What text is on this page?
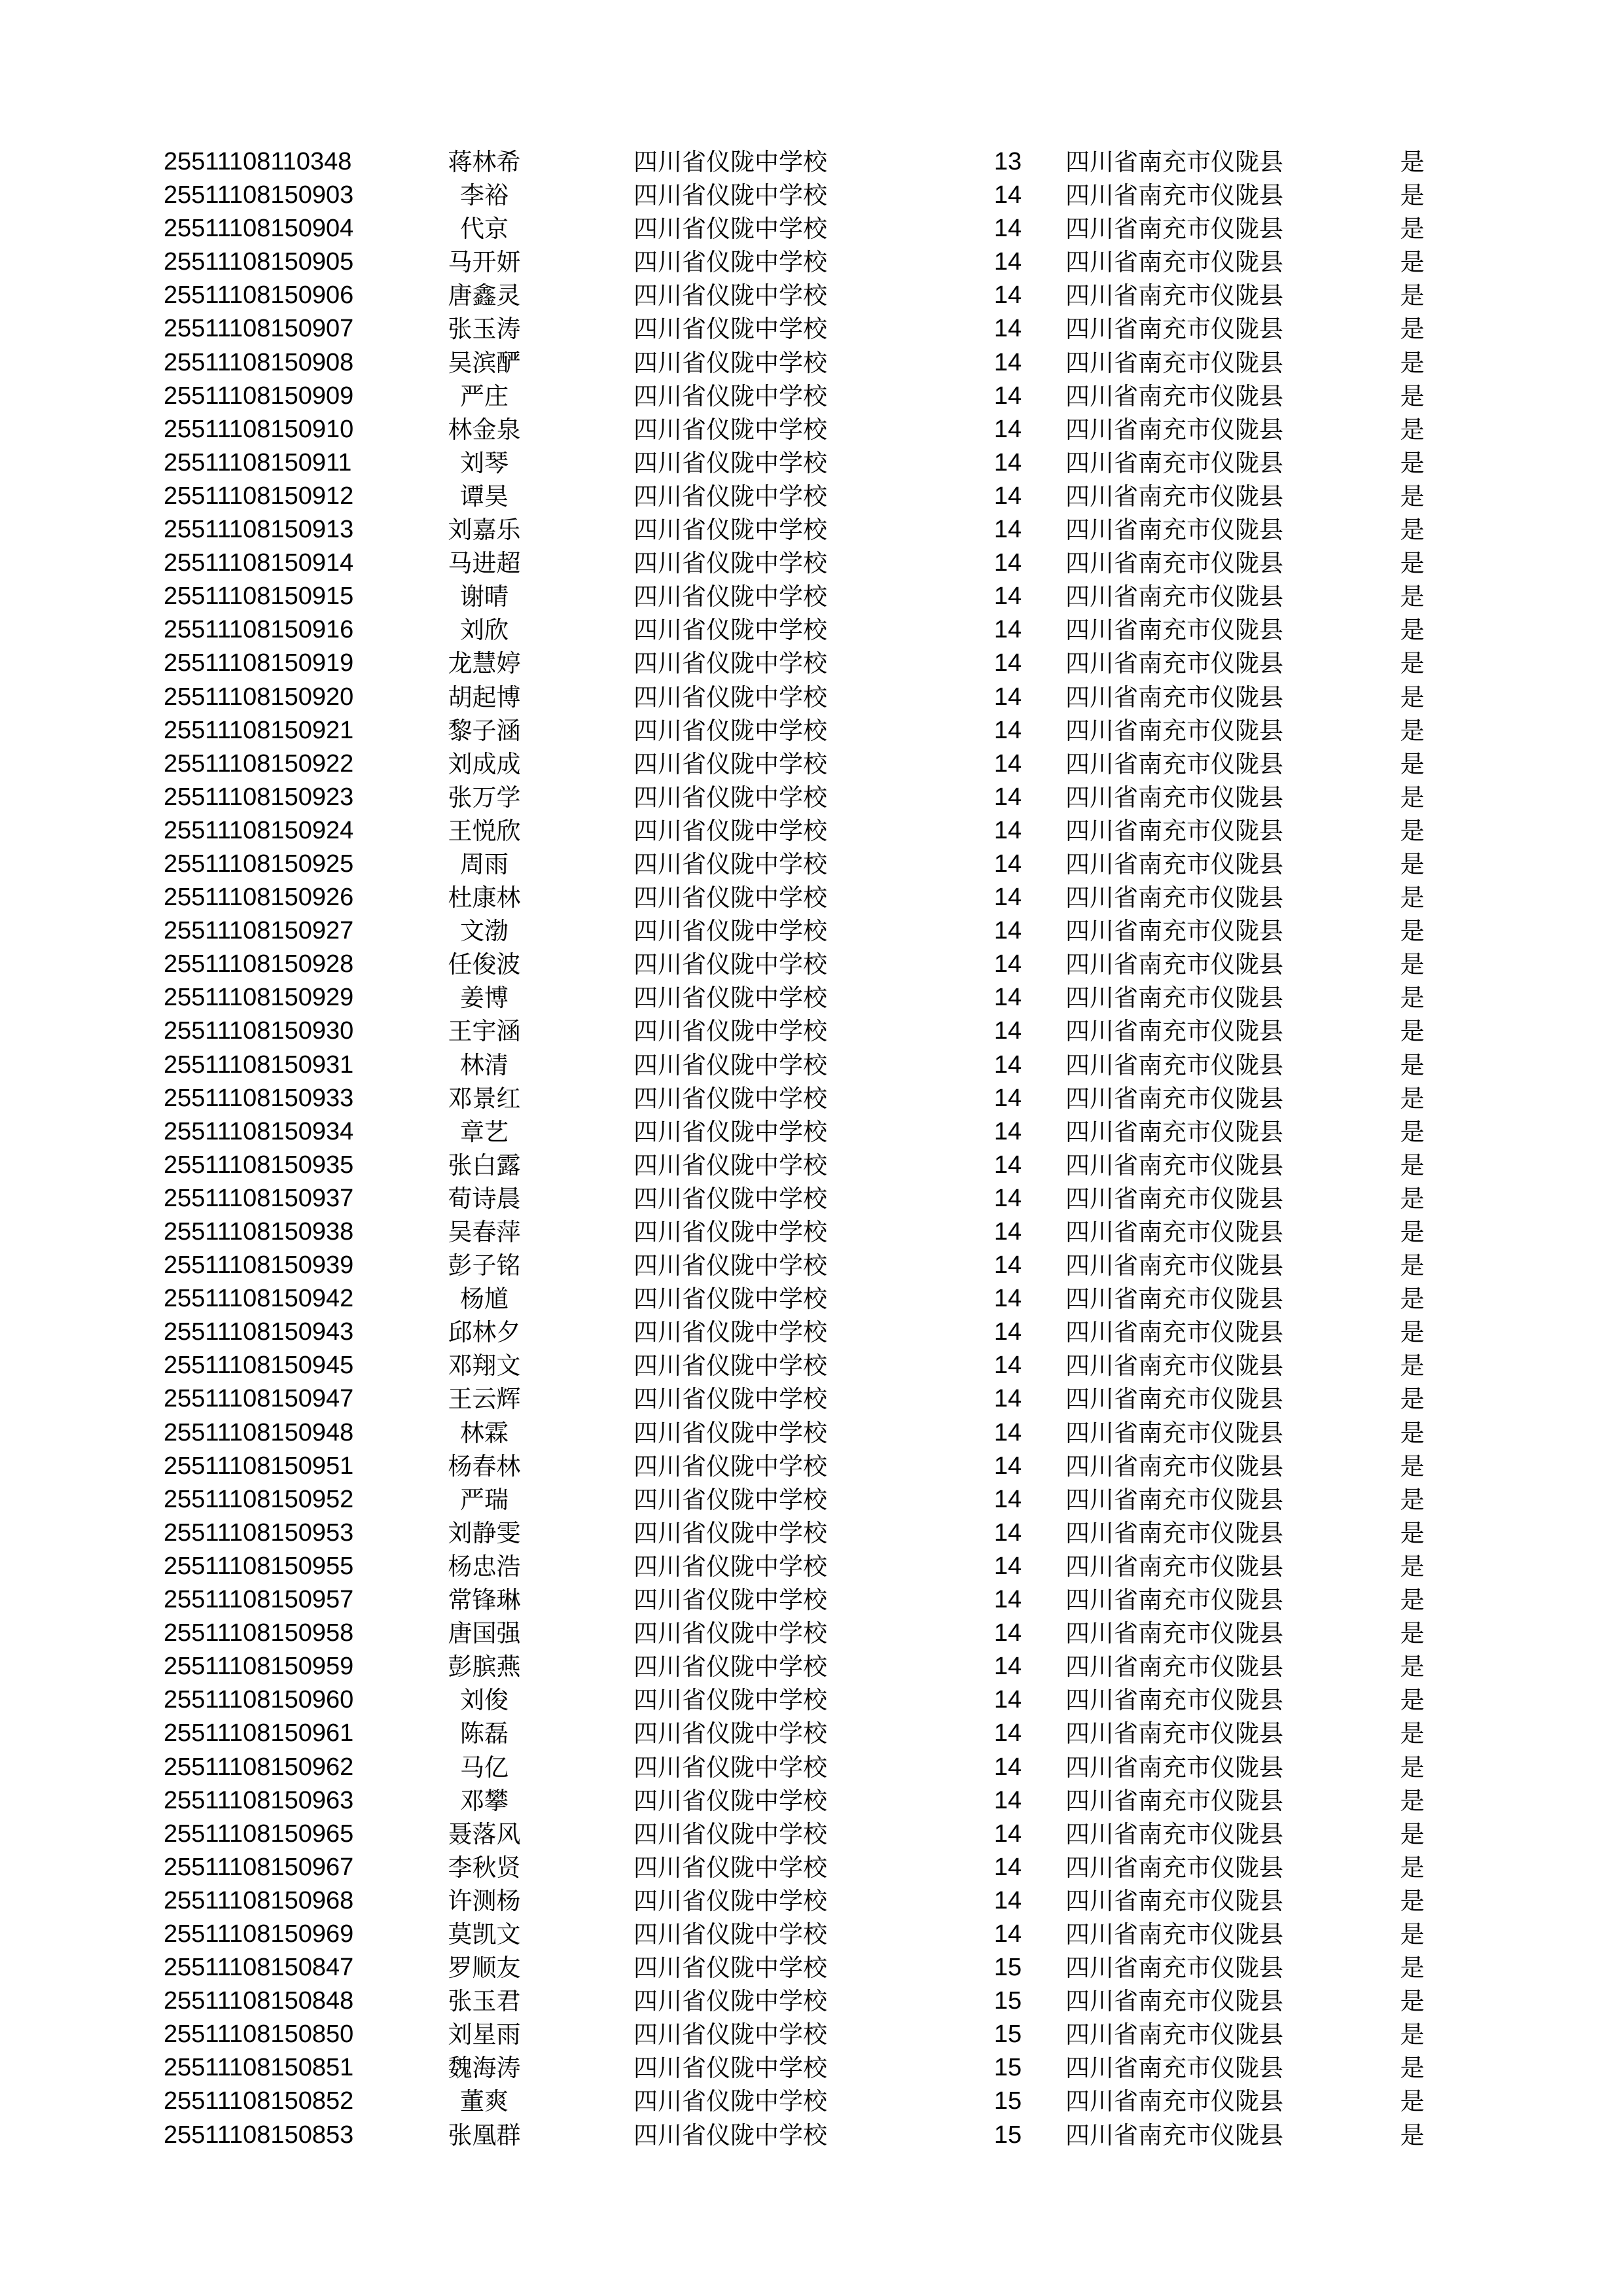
25511108110348	蒋林希	四川省仪陇中学校	13	四川省南充市仪陇县	是
25511108150903	李裕	四川省仪陇中学校	14	四川省南充市仪陇县	是
25511108150904	代京	四川省仪陇中学校	14	四川省南充市仪陇县	是
25511108150905	马开妍	四川省仪陇中学校	14	四川省南充市仪陇县	是
25511108150906	唐鑫灵	四川省仪陇中学校	14	四川省南充市仪陇县	是
25511108150907	张玉涛	四川省仪陇中学校	14	四川省南充市仪陇县	是
25511108150908	吴滨酽	四川省仪陇中学校	14	四川省南充市仪陇县	是
25511108150909	严庄	四川省仪陇中学校	14	四川省南充市仪陇县	是
25511108150910	林金泉	四川省仪陇中学校	14	四川省南充市仪陇县	是
25511108150911	刘琴	四川省仪陇中学校	14	四川省南充市仪陇县	是
25511108150912	谭昊	四川省仪陇中学校	14	四川省南充市仪陇县	是
25511108150913	刘嘉乐	四川省仪陇中学校	14	四川省南充市仪陇县	是
25511108150914	马进超	四川省仪陇中学校	14	四川省南充市仪陇县	是
25511108150915	谢晴	四川省仪陇中学校	14	四川省南充市仪陇县	是
25511108150916	刘欣	四川省仪陇中学校	14	四川省南充市仪陇县	是
25511108150919	龙慧婷	四川省仪陇中学校	14	四川省南充市仪陇县	是
25511108150920	胡起博	四川省仪陇中学校	14	四川省南充市仪陇县	是
25511108150921	黎子涵	四川省仪陇中学校	14	四川省南充市仪陇县	是
25511108150922	刘成成	四川省仪陇中学校	14	四川省南充市仪陇县	是
25511108150923	张万学	四川省仪陇中学校	14	四川省南充市仪陇县	是
25511108150924	王悦欣	四川省仪陇中学校	14	四川省南充市仪陇县	是
25511108150925	周雨	四川省仪陇中学校	14	四川省南充市仪陇县	是
25511108150926	杜康林	四川省仪陇中学校	14	四川省南充市仪陇县	是
25511108150927	文渤	四川省仪陇中学校	14	四川省南充市仪陇县	是
25511108150928	任俊波	四川省仪陇中学校	14	四川省南充市仪陇县	是
25511108150929	姜博	四川省仪陇中学校	14	四川省南充市仪陇县	是
25511108150930	王宇涵	四川省仪陇中学校	14	四川省南充市仪陇县	是
25511108150931	林清	四川省仪陇中学校	14	四川省南充市仪陇县	是
25511108150933	邓景红	四川省仪陇中学校	14	四川省南充市仪陇县	是
25511108150934	章艺	四川省仪陇中学校	14	四川省南充市仪陇县	是
25511108150935	张白露	四川省仪陇中学校	14	四川省南充市仪陇县	是
25511108150937	荀诗晨	四川省仪陇中学校	14	四川省南充市仪陇县	是
25511108150938	吴春萍	四川省仪陇中学校	14	四川省南充市仪陇县	是
25511108150939	彭子铭	四川省仪陇中学校	14	四川省南充市仪陇县	是
25511108150942	杨馗	四川省仪陇中学校	14	四川省南充市仪陇县	是
25511108150943	邱林夕	四川省仪陇中学校	14	四川省南充市仪陇县	是
25511108150945	邓翔文	四川省仪陇中学校	14	四川省南充市仪陇县	是
25511108150947	王云辉	四川省仪陇中学校	14	四川省南充市仪陇县	是
25511108150948	林霖	四川省仪陇中学校	14	四川省南充市仪陇县	是
25511108150951	杨春林	四川省仪陇中学校	14	四川省南充市仪陇县	是
25511108150952	严瑞	四川省仪陇中学校	14	四川省南充市仪陇县	是
25511108150953	刘静雯	四川省仪陇中学校	14	四川省南充市仪陇县	是
25511108150955	杨忠浩	四川省仪陇中学校	14	四川省南充市仪陇县	是
25511108150957	常锋琳	四川省仪陇中学校	14	四川省南充市仪陇县	是
25511108150958	唐国强	四川省仪陇中学校	14	四川省南充市仪陇县	是
25511108150959	彭膑燕	四川省仪陇中学校	14	四川省南充市仪陇县	是
25511108150960	刘俊	四川省仪陇中学校	14	四川省南充市仪陇县	是
25511108150961	陈磊	四川省仪陇中学校	14	四川省南充市仪陇县	是
25511108150962	马亿	四川省仪陇中学校	14	四川省南充市仪陇县	是
25511108150963	邓攀	四川省仪陇中学校	14	四川省南充市仪陇县	是
25511108150965	聂落风	四川省仪陇中学校	14	四川省南充市仪陇县	是
25511108150967	李秋贤	四川省仪陇中学校	14	四川省南充市仪陇县	是
25511108150968	许测杨	四川省仪陇中学校	14	四川省南充市仪陇县	是
25511108150969	莫凯文	四川省仪陇中学校	14	四川省南充市仪陇县	是
25511108150847	罗顺友	四川省仪陇中学校	15	四川省南充市仪陇县	是
25511108150848	张玉君	四川省仪陇中学校	15	四川省南充市仪陇县	是
25511108150850	刘星雨	四川省仪陇中学校	15	四川省南充市仪陇县	是
25511108150851	魏海涛	四川省仪陇中学校	15	四川省南充市仪陇县	是
25511108150852	董爽	四川省仪陇中学校	15	四川省南充市仪陇县	是
25511108150853	张凰群	四川省仪陇中学校	15	四川省南充市仪陇县	是
